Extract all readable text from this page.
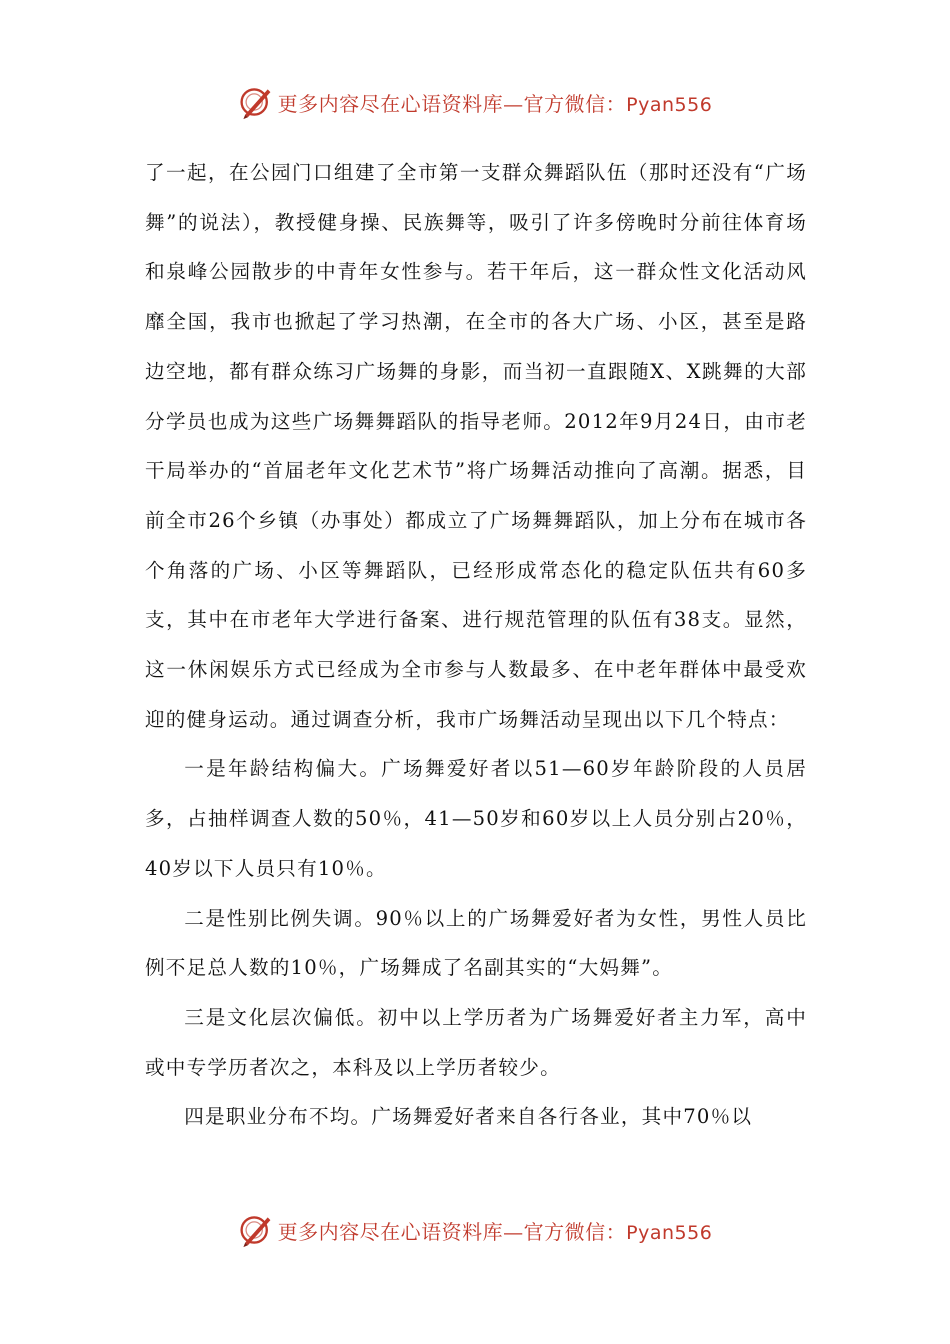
更多内容尽在心语资料库—官方微信：Pyan556

了一起，在公园门口组建了全市第一支群众舞蹈队伍（那时还没有“广场舞”的说法），教授健身操、民族舞等，吸引了许多傍晚时分前往体育场和泉峰公园散步的中青年女性参与。若干年后，这一群众性文化活动风靡全国，我市也掀起了学习热潮，在全市的各大广场、小区，甚至是路边空地，都有群众练习广场舞的身影，而当初一直跟随X、X跳舞的大部分学员也成为这些广场舞舞蹈队的指导老师。2012年9月24日，由市老干局举办的“首届老年文化艺术节”将广场舞活动推向了高潮。据悉，目前全市26个乡镇（办事处）都成立了广场舞舞蹈队，加上分布在城市各个角落的广场、小区等舞蹈队，已经形成常态化的稳定队伍共有60多支，其中在市老年大学进行备案、进行规范管理的队伍有38支。显然，这一休闲娱乐方式已经成为全市参与人数最多、在中老年群体中最受欢迎的健身运动。通过调查分析，我市广场舞活动呈现出以下几个特点：

一是年龄结构偏大。广场舞爱好者以51—60岁年龄阶段的人员居多，占抽样调查人数的50％，41—50岁和60岁以上人员分别占20％，40岁以下人员只有10％。

二是性别比例失调。90％以上的广场舞爱好者为女性，男性人员比例不足总人数的10％，广场舞成了名副其实的“大妈舞”。

三是文化层次偏低。初中以上学历者为广场舞爱好者主力军，高中或中专学历者次之，本科及以上学历者较少。

四是职业分布不均。广场舞爱好者来自各行各业，其中70％以

更多内容尽在心语资料库—官方微信：Pyan556
